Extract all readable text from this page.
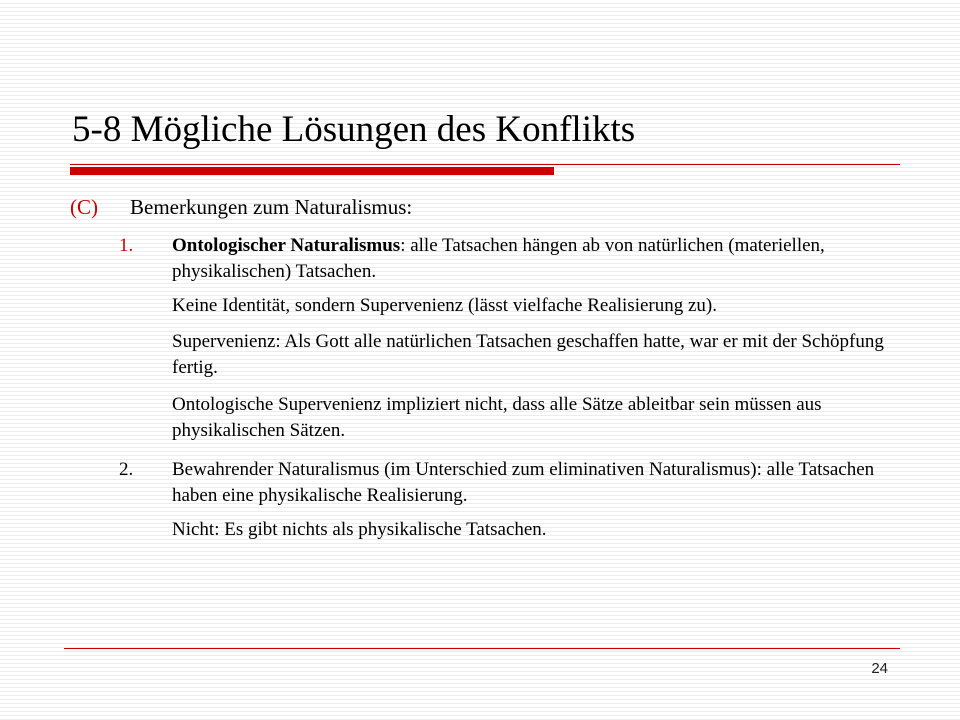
5-8 Mögliche Lösungen des Konflikts
(C) Bemerkungen zum Naturalismus:
1. Ontologischer Naturalismus: alle Tatsachen hängen ab von natürlichen (materiellen, physikalischen) Tatsachen.
Keine Identität, sondern Supervenienz (lässt vielfache Realisierung zu).
Supervenienz: Als Gott alle natürlichen Tatsachen geschaffen hatte, war er mit der Schöpfung fertig.
Ontologische Supervenienz impliziert nicht, dass alle Sätze ableitbar sein müssen aus physikalischen Sätzen.
2. Bewahrender Naturalismus (im Unterschied zum eliminativen Naturalismus): alle Tatsachen haben eine physikalische Realisierung.
Nicht: Es gibt nichts als physikalische Tatsachen.
24
